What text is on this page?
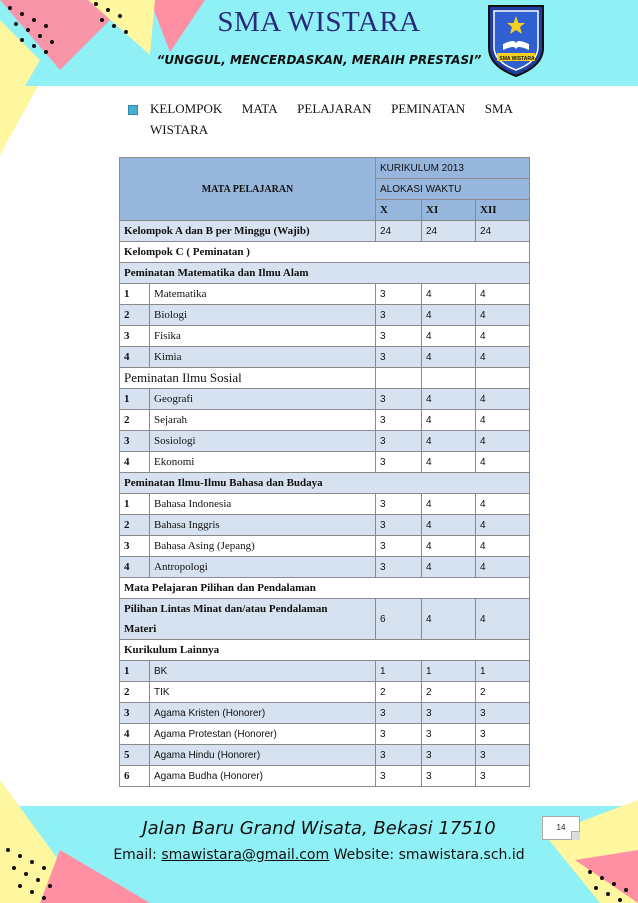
SMA WISTARA
“UNGGUL, MENCERDASKAN, MERAIH PRESTASI”	SMA WISTARA
KELOMPOK MATA PELAJARAN PEMINATAN SMA
WISTARA
MATA PELAJARAN		KURIKULUM 2013		
		ALOKASI WAKTU		
		X	XI	XII
Kelompok A dan B per Minggu (Wajib)		24	24	24
Kelompok C ( Peminatan )				
Peminatan Matematika dan Ilmu Alam				
1	Matematika	3	4	4
2	Biologi	3	4	4
3	Fisika	3	4	4
4	Kimia	3	4	4
Peminatan Ilmu Sosial				
1	Geografi	3	4	4
2	Sejarah	3	4	4
3	Sosiologi	3	4	4
4	Ekonomi	3	4	4
Peminatan Ilmu-Ilmu Bahasa dan Budaya				
1	Bahasa Indonesia	3	4	4
2	Bahasa Inggris	3	4	4
3	Bahasa Asing (Jepang)	3	4	4
4	Antropologi	3	4	4
Mata Pelajaran Pilihan dan Pendalaman				
Pilihan Lintas Minat dan/atau Pendalaman
Materi		6	4	4
Kurikulum Lainnya				
1	BK	1	1	1
2	TIK	2	2	2
3	Agama Kristen (Honorer)	3	3	3
4	Agama Protestan (Honorer)	3	3	3
5	Agama Hindu (Honorer)	3	3	3
6	Agama Budha (Honorer)	3	3	3
14
Jalan Baru Grand Wisata, Bekasi 17510
Email: smawistara@gmail.com Website: smawistara.sch.id
